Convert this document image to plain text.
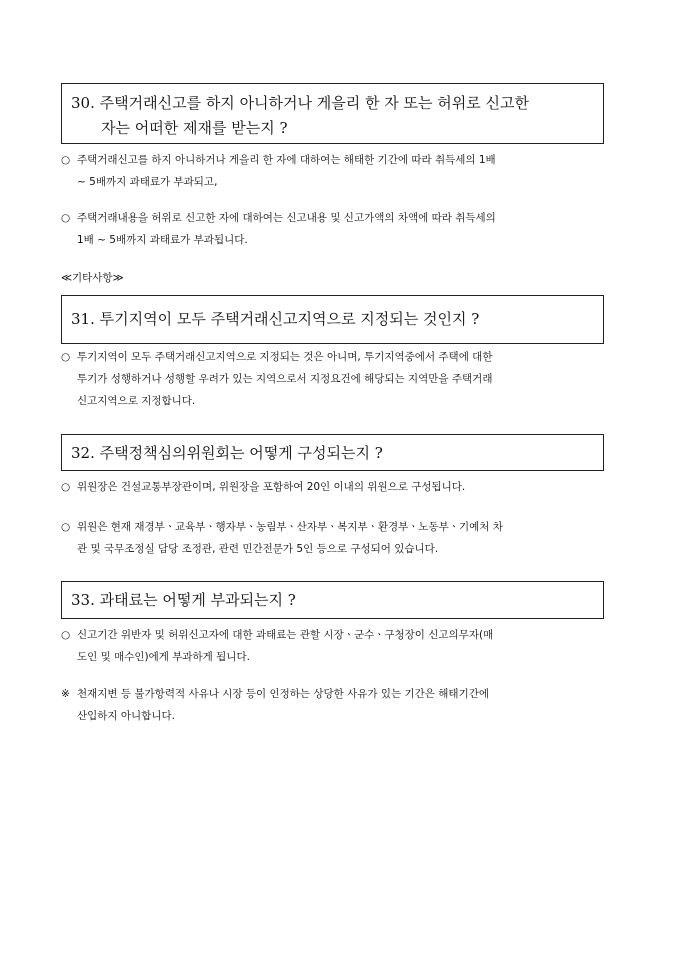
30. 주택거래신고를 하지 아니하거나 게을리 한 자 또는 허위로 신고한
자는 어떠한 제재를 받는지 ?
○ 주택거래신고를 하지 아니하거나 게을리 한 자에 대하여는 해태한 기간에 따라 취득세의 1배
~ 5배까지 과태료가 부과되고,
○ 주택거래내용을 허위로 신고한 자에 대하여는 신고내용 및 신고가액의 차액에 따라 취득세의
1배 ~ 5배까지 과태료가 부과됩니다.
≪기타사항≫
31. 투기지역이 모두 주택거래신고지역으로 지정되는 것인지 ?
○ 투기지역이 모두 주택거래신고지역으로 지정되는 것은 아니며, 투기지역중에서 주택에 대한
투기가 성행하거나 성행할 우려가 있는 지역으로서 지정요건에 해당되는 지역만을 주택거래
신고지역으로 지정합니다.
32. 주택정책심의위원회는 어떻게 구성되는지 ?
○ 위원장은 건설교통부장관이며, 위원장을 포함하여 20인 이내의 위원으로 구성됩니다.
○ 위원은 현재 재경부ㆍ교육부ㆍ행자부ㆍ농림부ㆍ산자부ㆍ복지부ㆍ환경부ㆍ노동부ㆍ기예처 차
관 및 국무조정실 담당 조정관, 관련 민간전문가 5인 등으로 구성되어 있습니다.
33. 과태료는 어떻게 부과되는지 ?
○ 신고기간 위반자 및 허위신고자에 대한 과태료는 관할 시장ㆍ군수ㆍ구청장이 신고의무자(매
도인 및 매수인)에게 부과하게 됩니다.
※ 천재지변 등 불가항력적 사유나 시장 등이 인정하는 상당한 사유가 있는 기간은 해태기간에
산입하지 아니합니다.
